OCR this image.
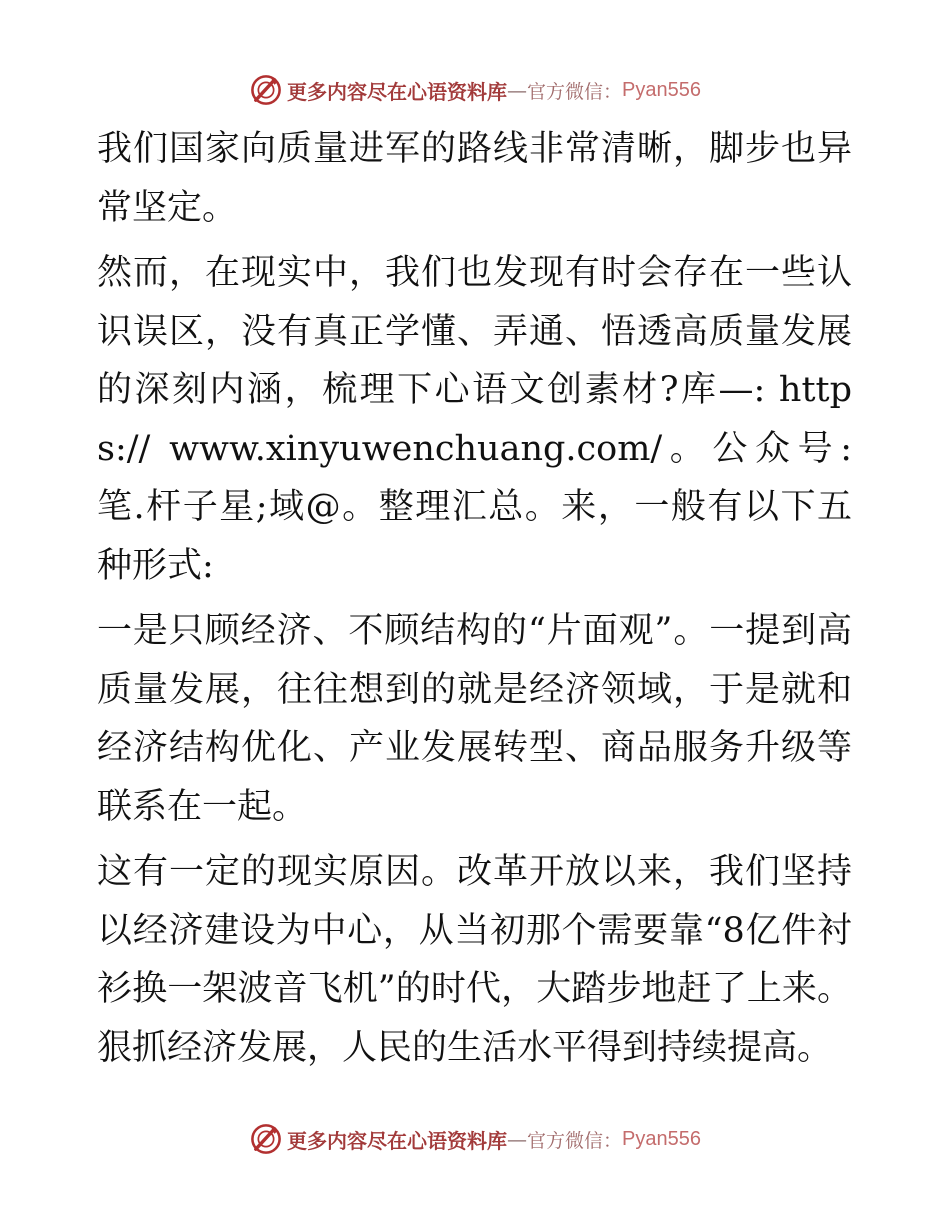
更多内容尽在心语资料库 — 官方微信： Pyan556

我们国家向质量进军的路线非常清晰，脚步也异常坚定。

然而，在现实中，我们也发现有时会存在一些认识误区，没有真正学懂、弄通、悟透高质量发展的深刻内涵，梳理下心语文创素材?库—: https:// www.xinyuwenchuang.com/。公众号: 笔.杆子星;域@。整理汇总。来，一般有以下五种形式:

一是只顾经济、不顾结构的“片面观”。一提到高质量发展，往往想到的就是经济领域，于是就和经济结构优化、产业发展转型、商品服务升级等联系在一起。

这有一定的现实原因。改革开放以来，我们坚持以经济建设为中心，从当初那个需要靠“8亿件衬衫换一架波音飞机”的时代，大踏步地赶了上来。狠抓经济发展，人民的生活水平得到持续提高。

更多内容尽在心语资料库 — 官方微信： Pyan556
